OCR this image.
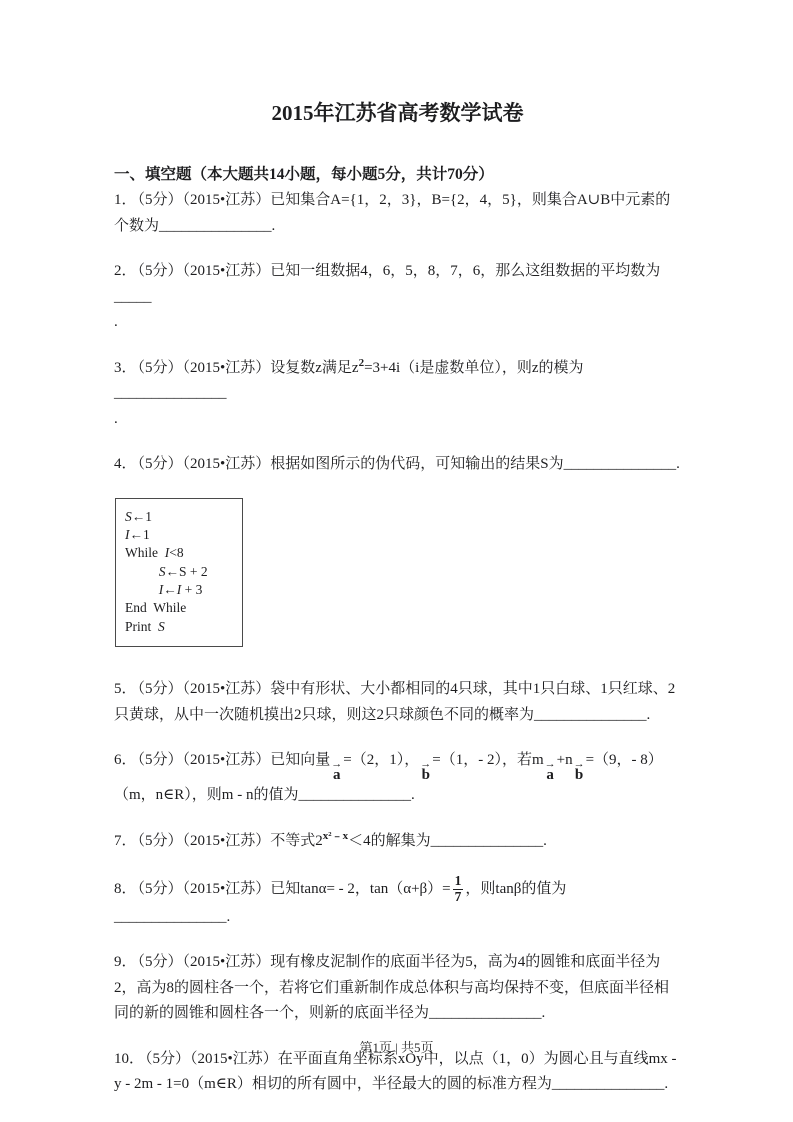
2015年江苏省高考数学试卷
一、填空题（本大题共14小题，每小题5分，共计70分）
1．（5分）（2015•江苏）已知集合A={1，2，3}，B={2，4，5}，则集合A∪B中元素的个数为_______________.
2．（5分）（2015•江苏）已知一组数据4，6，5，8，7，6，那么这组数据的平均数为_____
.
3．（5分）（2015•江苏）设复数z满足$z^2=3+4i(i$是虚数单位），则z的模为_______________
.
4．（5分）（2015•江苏）根据如图所示的伪代码，可知输出的结果S为_______________.
S←1
I←1
While  I<8
S←S + 2
I←I + 3
End  While
Print  S
5．（5分）（2015•江苏）袋中有形状、大小都相同的4只球，其中1只白球、1只红球、2只黄球，从中一次随机摸出2只球，则这2只球颜色不同的概率为_______________.
6．（5分）（2015•江苏）已知向量 →
a
=（2，1）， →
b
=（1，- 2），若m →
a
+n →
b
=（9，- 8）（m，n∈R），则m - n的值为_______________.
7．（5分）（2015•江苏）不等式$2^{x^2﹣x}<4$的解集为_______________.
8．（5分）（2015•江苏）已知tanα= - 2，$\tan(\alpha+\beta)= \frac{1}{7}$ ，则tanβ的值为_______________.
9．（5分）（2015•江苏）现有橡皮泥制作的底面半径为5，高为4的圆锥和底面半径为2，高为8的圆柱各一个，若将它们重新制作成总体积与高均保持不变，但底面半径相同的新的圆锥和圆柱各一个，则新的底面半径为_______________.
10．（5分）（2015•江苏）在平面直角坐标系xOy中，以点（1，0）为圆心且与直线mx - y - 2m - 1=0（m∈R）相切的所有圆中，半径最大的圆的标准方程为_______________.
第1页 | 共5页
